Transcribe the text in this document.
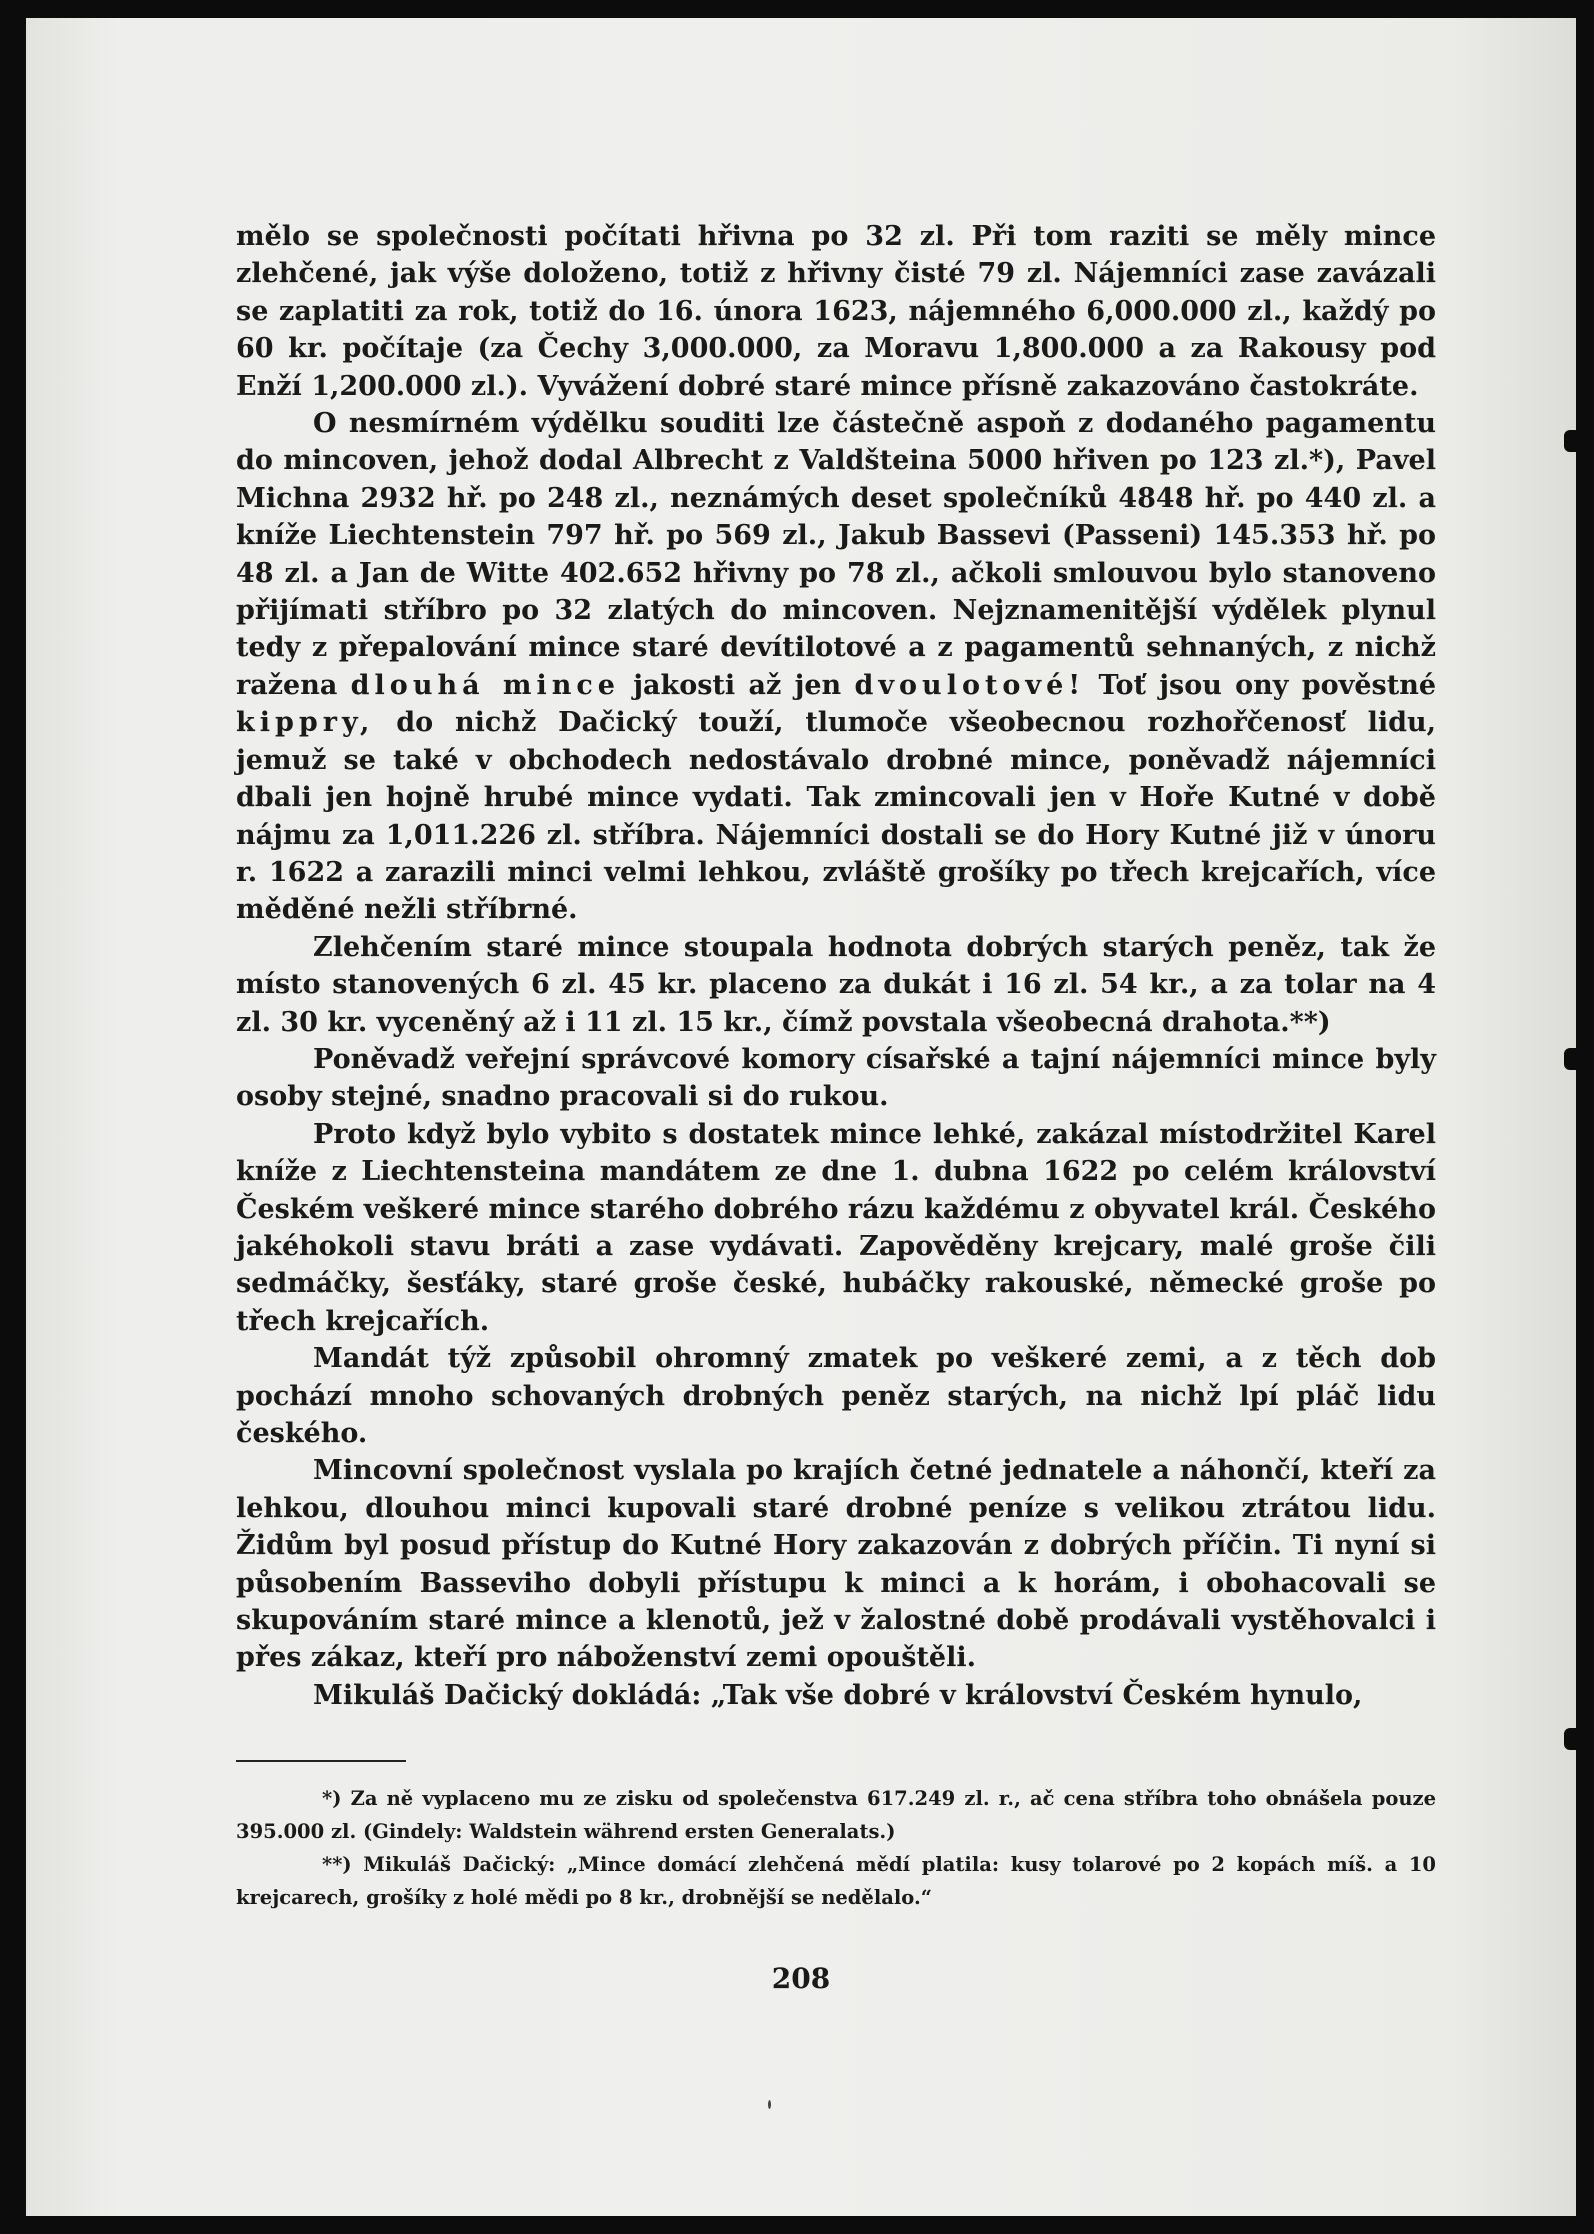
mělo se společnosti počítati hřivna po 32 zl. Při tom raziti se měly mince zlehčené, jak výše doloženo, totiž z hřivny čisté 79 zl. Nájemníci zase zavázali se zaplatiti za rok, totiž do 16. února 1623, nájemného 6,000.000 zl., každý po 60 kr. počítaje (za Čechy 3,000.000, za Moravu 1,800.000 a za Rakousy pod Enží 1,200.000 zl.). Vyvážení dobré staré mince přísně zakazováno častokráte.

O nesmírném výdělku souditi lze částečně aspoň z dodaného pagamentu do mincoven, jehož dodal Albrecht z Valdšteina 5000 hřiven po 123 zl.*), Pavel Michna 2932 hř. po 248 zl., neznámých deset společníků 4848 hř. po 440 zl. a kníže Liechtenstein 797 hř. po 569 zl., Jakub Bassevi (Passeni) 145.353 hř. po 48 zl. a Jan de Witte 402.652 hřivny po 78 zl., ačkoli smlouvou bylo stanoveno přijímati stříbro po 32 zlatých do mincoven. Nejznamenitější výdělek plynul tedy z přepalování mince staré devítilotové a z pagamentů sehnaných, z nichž ražena dlouhá mince jakosti až jen dvoulotové! Toť jsou ony pověstné kippry, do nichž Dačický touží, tlumoče všeobecnou rozhořčenosť lidu, jemuž se také v obchodech nedostávalo drobné mince, poněvadž nájemníci dbali jen hojně hrubé mince vydati. Tak zmincovali jen v Hoře Kutné v době nájmu za 1,011.226 zl. stříbra. Nájemníci dostali se do Hory Kutné již v únoru r. 1622 a zarazili minci velmi lehkou, zvláště grošíky po třech krejcařích, více měděné nežli stříbrné.

Zlehčením staré mince stoupala hodnota dobrých starých peněz, tak že místo stanovených 6 zl. 45 kr. placeno za dukát i 16 zl. 54 kr., a za tolar na 4 zl. 30 kr. vyceněný až i 11 zl. 15 kr., čímž povstala všeobecná drahota.**)

Poněvadž veřejní správcové komory císařské a tajní nájemníci mince byly osoby stejné, snadno pracovali si do rukou.

Proto když bylo vybito s dostatek mince lehké, zakázal místodržitel Karel kníže z Liechtensteina mandátem ze dne 1. dubna 1622 po celém království Českém veškeré mince starého dobrého rázu každému z obyvatel král. Českého jakéhokoli stavu bráti a zase vydávati. Zapověděny krejcary, malé groše čili sedmáčky, šesťáky, staré groše české, hubáčky rakouské, německé groše po třech krejcařích.

Mandát týž způsobil ohromný zmatek po veškeré zemi, a z těch dob pochází mnoho schovaných drobných peněz starých, na nichž lpí pláč lidu českého.

Mincovní společnost vyslala po krajích četné jednatele a náhončí, kteří za lehkou, dlouhou minci kupovali staré drobné peníze s velikou ztrátou lidu. Židům byl posud přístup do Kutné Hory zakazován z dobrých příčin. Ti nyní si působením Basseviho dobyli přístupu k minci a k horám, i obohacovali se skupováním staré mince a klenotů, jež v žalostné době prodávali vystěhovalci i přes zákaz, kteří pro náboženství zemi opouštěli.

Mikuláš Dačický dokládá: „Tak vše dobré v království Českém hynulo,

*) Za ně vyplaceno mu ze zisku od společenstva 617.249 zl. r., ač cena stříbra toho obnášela pouze 395.000 zl. (Gindely: Waldstein während ersten Generalats.)

**) Mikuláš Dačický: „Mince domácí zlehčená mědí platila: kusy tolarové po 2 kopách míš. a 10 krejcarech, grošíky z holé mědi po 8 kr., drobnější se nedělalo.“

208
